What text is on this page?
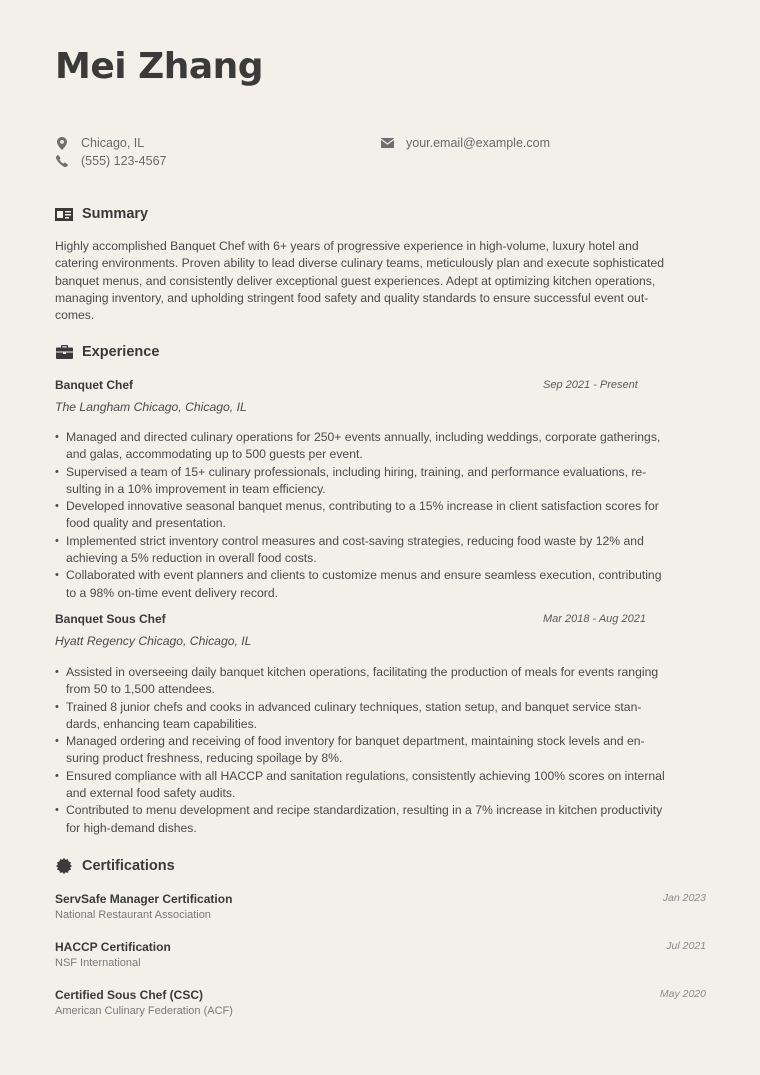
Mei Zhang
Chicago, IL
(555) 123-4567
your.email@example.com
Summary
Highly accomplished Banquet Chef with 6+ years of progressive experience in high-volume, luxury hotel and
catering environments. Proven ability to lead diverse culinary teams, meticulously plan and execute sophisticated
banquet menus, and consistently deliver exceptional guest experiences. Adept at optimizing kitchen operations,
managing inventory, and upholding stringent food safety and quality standards to ensure successful event out-
comes.
Experience
Banquet Chef	Sep 2021 - Present
The Langham Chicago, Chicago, IL
• Managed and directed culinary operations for 250+ events annually, including weddings, corporate gatherings,
and galas, accommodating up to 500 guests per event.
• Supervised a team of 15+ culinary professionals, including hiring, training, and performance evaluations, re-
sulting in a 10% improvement in team efficiency.
• Developed innovative seasonal banquet menus, contributing to a 15% increase in client satisfaction scores for
food quality and presentation.
• Implemented strict inventory control measures and cost-saving strategies, reducing food waste by 12% and
achieving a 5% reduction in overall food costs.
• Collaborated with event planners and clients to customize menus and ensure seamless execution, contributing
to a 98% on-time event delivery record.
Banquet Sous Chef	Mar 2018 - Aug 2021
Hyatt Regency Chicago, Chicago, IL
• Assisted in overseeing daily banquet kitchen operations, facilitating the production of meals for events ranging
from 50 to 1,500 attendees.
• Trained 8 junior chefs and cooks in advanced culinary techniques, station setup, and banquet service stan-
dards, enhancing team capabilities.
• Managed ordering and receiving of food inventory for banquet department, maintaining stock levels and en-
suring product freshness, reducing spoilage by 8%.
• Ensured compliance with all HACCP and sanitation regulations, consistently achieving 100% scores on internal
and external food safety audits.
• Contributed to menu development and recipe standardization, resulting in a 7% increase in kitchen productivity
for high-demand dishes.
Certifications
ServSafe Manager Certification	Jan 2023
National Restaurant Association
HACCP Certification	Jul 2021
NSF International
Certified Sous Chef (CSC)	May 2020
American Culinary Federation (ACF)
